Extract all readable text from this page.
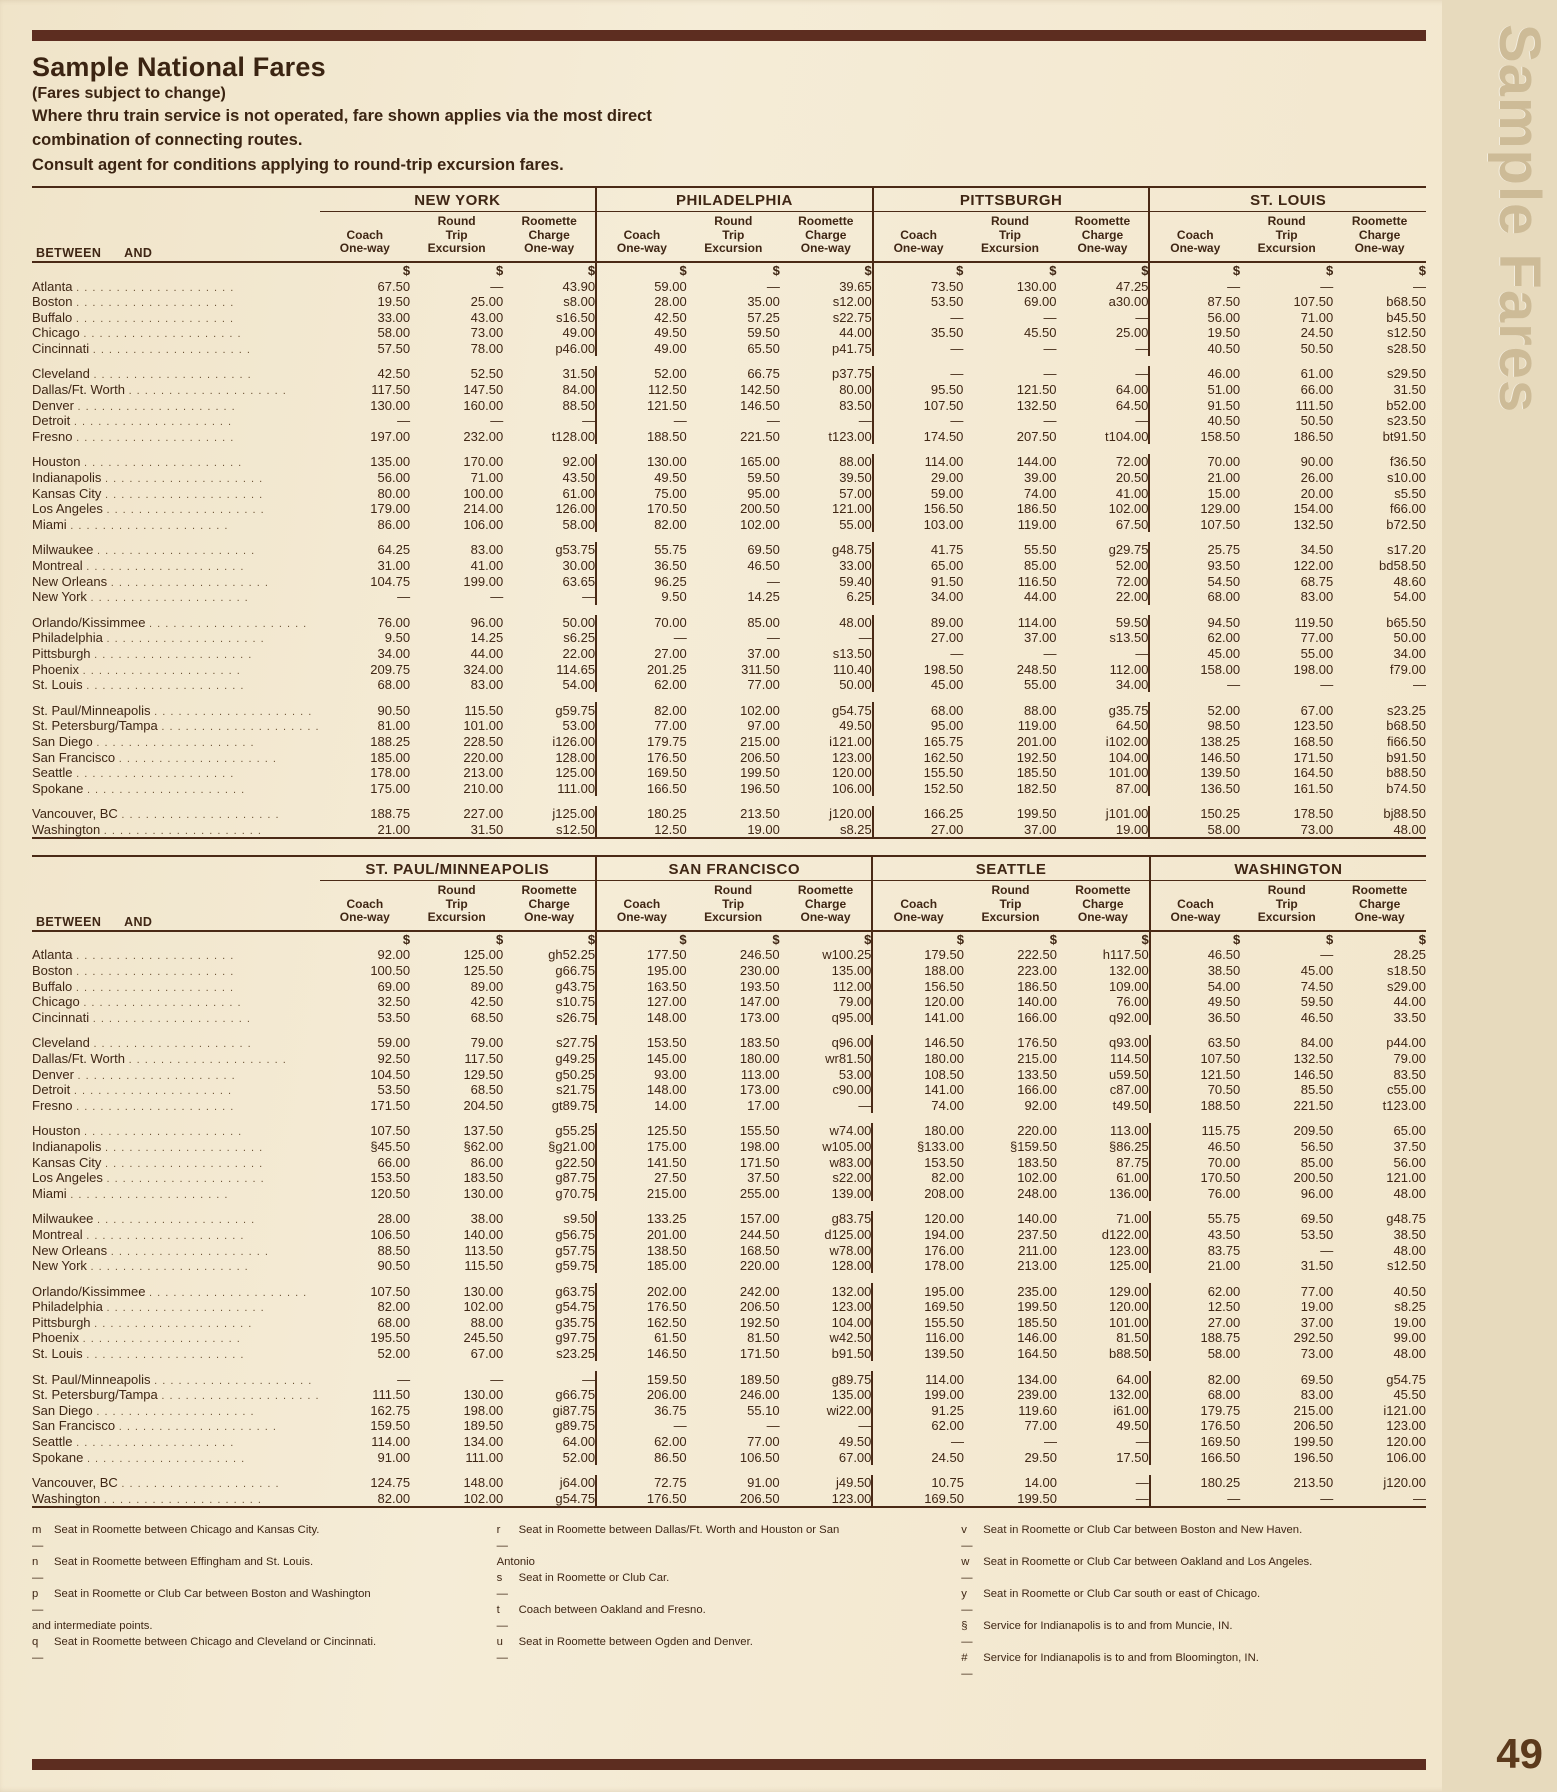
Sample Fares
49
Sample National Fares
(Fares subject to change)
Where thru train service is not operated, fare shown applies via the most direct
combination of connecting routes.
Consult agent for conditions applying to round-trip excursion fares.
BETWEEN      AND	NEW YORK			PHILADELPHIA			PITTSBURGH			ST. LOUIS		
	Coach
One-way	Round
Trip
Excursion	Roomette
Charge
One-way	Coach
One-way	Round
Trip
Excursion	Roomette
Charge
One-way	Coach
One-way	Round
Trip
Excursion	Roomette
Charge
One-way	Coach
One-way	Round
Trip
Excursion	Roomette
Charge
One-way
	$	$	$	$	$	$	$	$	$	$	$	$
Atlanta . . . . . . . . . . . . . . . . . . . .	67.50	—	43.90	59.00	—	39.65	73.50	130.00	47.25	—	—	—
Boston . . . . . . . . . . . . . . . . . . . .	19.50	25.00	s8.00	28.00	35.00	s12.00	53.50	69.00	a30.00	87.50	107.50	b68.50
Buffalo . . . . . . . . . . . . . . . . . . . .	33.00	43.00	s16.50	42.50	57.25	s22.75	—	—	—	56.00	71.00	b45.50
Chicago . . . . . . . . . . . . . . . . . . . .	58.00	73.00	49.00	49.50	59.50	44.00	35.50	45.50	25.00	19.50	24.50	s12.50
Cincinnati . . . . . . . . . . . . . . . . . . . .	57.50	78.00	p46.00	49.00	65.50	p41.75	—	—	—	40.50	50.50	s28.50

Cleveland . . . . . . . . . . . . . . . . . . . .	42.50	52.50	31.50	52.00	66.75	p37.75	—	—	—	46.00	61.00	s29.50
Dallas/Ft. Worth . . . . . . . . . . . . . . . . . . . .	117.50	147.50	84.00	112.50	142.50	80.00	95.50	121.50	64.00	51.00	66.00	31.50
Denver . . . . . . . . . . . . . . . . . . . .	130.00	160.00	88.50	121.50	146.50	83.50	107.50	132.50	64.50	91.50	111.50	b52.00
Detroit . . . . . . . . . . . . . . . . . . . .	—	—	—	—	—	—	—	—	—	40.50	50.50	s23.50
Fresno . . . . . . . . . . . . . . . . . . . .	197.00	232.00	t128.00	188.50	221.50	t123.00	174.50	207.50	t104.00	158.50	186.50	bt91.50

Houston . . . . . . . . . . . . . . . . . . . .	135.00	170.00	92.00	130.00	165.00	88.00	114.00	144.00	72.00	70.00	90.00	f36.50
Indianapolis . . . . . . . . . . . . . . . . . . . .	56.00	71.00	43.50	49.50	59.50	39.50	29.00	39.00	20.50	21.00	26.00	s10.00
Kansas City . . . . . . . . . . . . . . . . . . . .	80.00	100.00	61.00	75.00	95.00	57.00	59.00	74.00	41.00	15.00	20.00	s5.50
Los Angeles . . . . . . . . . . . . . . . . . . . .	179.00	214.00	126.00	170.50	200.50	121.00	156.50	186.50	102.00	129.00	154.00	f66.00
Miami . . . . . . . . . . . . . . . . . . . .	86.00	106.00	58.00	82.00	102.00	55.00	103.00	119.00	67.50	107.50	132.50	b72.50

Milwaukee . . . . . . . . . . . . . . . . . . . .	64.25	83.00	g53.75	55.75	69.50	g48.75	41.75	55.50	g29.75	25.75	34.50	s17.20
Montreal . . . . . . . . . . . . . . . . . . . .	31.00	41.00	30.00	36.50	46.50	33.00	65.00	85.00	52.00	93.50	122.00	bd58.50
New Orleans . . . . . . . . . . . . . . . . . . . .	104.75	199.00	63.65	96.25	—	59.40	91.50	116.50	72.00	54.50	68.75	48.60
New York . . . . . . . . . . . . . . . . . . . .	—	—	—	9.50	14.25	6.25	34.00	44.00	22.00	68.00	83.00	54.00

Orlando/Kissimmee . . . . . . . . . . . . . . . . . . . .	76.00	96.00	50.00	70.00	85.00	48.00	89.00	114.00	59.50	94.50	119.50	b65.50
Philadelphia . . . . . . . . . . . . . . . . . . . .	9.50	14.25	s6.25	—	—	—	27.00	37.00	s13.50	62.00	77.00	50.00
Pittsburgh . . . . . . . . . . . . . . . . . . . .	34.00	44.00	22.00	27.00	37.00	s13.50	—	—	—	45.00	55.00	34.00
Phoenix . . . . . . . . . . . . . . . . . . . .	209.75	324.00	114.65	201.25	311.50	110.40	198.50	248.50	112.00	158.00	198.00	f79.00
St. Louis . . . . . . . . . . . . . . . . . . . .	68.00	83.00	54.00	62.00	77.00	50.00	45.00	55.00	34.00	—	—	—

St. Paul/Minneapolis . . . . . . . . . . . . . . . . . . . .	90.50	115.50	g59.75	82.00	102.00	g54.75	68.00	88.00	g35.75	52.00	67.00	s23.25
St. Petersburg/Tampa . . . . . . . . . . . . . . . . . . . .	81.00	101.00	53.00	77.00	97.00	49.50	95.00	119.00	64.50	98.50	123.50	b68.50
San Diego . . . . . . . . . . . . . . . . . . . .	188.25	228.50	i126.00	179.75	215.00	i121.00	165.75	201.00	i102.00	138.25	168.50	fi66.50
San Francisco . . . . . . . . . . . . . . . . . . . .	185.00	220.00	128.00	176.50	206.50	123.00	162.50	192.50	104.00	146.50	171.50	b91.50
Seattle . . . . . . . . . . . . . . . . . . . .	178.00	213.00	125.00	169.50	199.50	120.00	155.50	185.50	101.00	139.50	164.50	b88.50
Spokane . . . . . . . . . . . . . . . . . . . .	175.00	210.00	111.00	166.50	196.50	106.00	152.50	182.50	87.00	136.50	161.50	b74.50

Vancouver, BC . . . . . . . . . . . . . . . . . . . .	188.75	227.00	j125.00	180.25	213.50	j120.00	166.25	199.50	j101.00	150.25	178.50	bj88.50
Washington . . . . . . . . . . . . . . . . . . . .	21.00	31.50	s12.50	12.50	19.00	s8.25	27.00	37.00	19.00	58.00	73.00	48.00
BETWEEN      AND	ST. PAUL/MINNEAPOLIS			SAN FRANCISCO			SEATTLE			WASHINGTON		
	Coach
One-way	Round
Trip
Excursion	Roomette
Charge
One-way	Coach
One-way	Round
Trip
Excursion	Roomette
Charge
One-way	Coach
One-way	Round
Trip
Excursion	Roomette
Charge
One-way	Coach
One-way	Round
Trip
Excursion	Roomette
Charge
One-way
	$	$	$	$	$	$	$	$	$	$	$	$
Atlanta . . . . . . . . . . . . . . . . . . . .	92.00	125.00	gh52.25	177.50	246.50	w100.25	179.50	222.50	h117.50	46.50	—	28.25
Boston . . . . . . . . . . . . . . . . . . . .	100.50	125.50	g66.75	195.00	230.00	135.00	188.00	223.00	132.00	38.50	45.00	s18.50
Buffalo . . . . . . . . . . . . . . . . . . . .	69.00	89.00	g43.75	163.50	193.50	112.00	156.50	186.50	109.00	54.00	74.50	s29.00
Chicago . . . . . . . . . . . . . . . . . . . .	32.50	42.50	s10.75	127.00	147.00	79.00	120.00	140.00	76.00	49.50	59.50	44.00
Cincinnati . . . . . . . . . . . . . . . . . . . .	53.50	68.50	s26.75	148.00	173.00	q95.00	141.00	166.00	q92.00	36.50	46.50	33.50

Cleveland . . . . . . . . . . . . . . . . . . . .	59.00	79.00	s27.75	153.50	183.50	q96.00	146.50	176.50	q93.00	63.50	84.00	p44.00
Dallas/Ft. Worth . . . . . . . . . . . . . . . . . . . .	92.50	117.50	g49.25	145.00	180.00	wr81.50	180.00	215.00	114.50	107.50	132.50	79.00
Denver . . . . . . . . . . . . . . . . . . . .	104.50	129.50	g50.25	93.00	113.00	53.00	108.50	133.50	u59.50	121.50	146.50	83.50
Detroit . . . . . . . . . . . . . . . . . . . .	53.50	68.50	s21.75	148.00	173.00	c90.00	141.00	166.00	c87.00	70.50	85.50	c55.00
Fresno . . . . . . . . . . . . . . . . . . . .	171.50	204.50	gt89.75	14.00	17.00	—	74.00	92.00	t49.50	188.50	221.50	t123.00

Houston . . . . . . . . . . . . . . . . . . . .	107.50	137.50	g55.25	125.50	155.50	w74.00	180.00	220.00	113.00	115.75	209.50	65.00
Indianapolis . . . . . . . . . . . . . . . . . . . .	§45.50	§62.00	§g21.00	175.00	198.00	w105.00	§133.00	§159.50	§86.25	46.50	56.50	37.50
Kansas City . . . . . . . . . . . . . . . . . . . .	66.00	86.00	g22.50	141.50	171.50	w83.00	153.50	183.50	87.75	70.00	85.00	56.00
Los Angeles . . . . . . . . . . . . . . . . . . . .	153.50	183.50	g87.75	27.50	37.50	s22.00	82.00	102.00	61.00	170.50	200.50	121.00
Miami . . . . . . . . . . . . . . . . . . . .	120.50	130.00	g70.75	215.00	255.00	139.00	208.00	248.00	136.00	76.00	96.00	48.00

Milwaukee . . . . . . . . . . . . . . . . . . . .	28.00	38.00	s9.50	133.25	157.00	g83.75	120.00	140.00	71.00	55.75	69.50	g48.75
Montreal . . . . . . . . . . . . . . . . . . . .	106.50	140.00	g56.75	201.00	244.50	d125.00	194.00	237.50	d122.00	43.50	53.50	38.50
New Orleans . . . . . . . . . . . . . . . . . . . .	88.50	113.50	g57.75	138.50	168.50	w78.00	176.00	211.00	123.00	83.75	—	48.00
New York . . . . . . . . . . . . . . . . . . . .	90.50	115.50	g59.75	185.00	220.00	128.00	178.00	213.00	125.00	21.00	31.50	s12.50

Orlando/Kissimmee . . . . . . . . . . . . . . . . . . . .	107.50	130.00	g63.75	202.00	242.00	132.00	195.00	235.00	129.00	62.00	77.00	40.50
Philadelphia . . . . . . . . . . . . . . . . . . . .	82.00	102.00	g54.75	176.50	206.50	123.00	169.50	199.50	120.00	12.50	19.00	s8.25
Pittsburgh . . . . . . . . . . . . . . . . . . . .	68.00	88.00	g35.75	162.50	192.50	104.00	155.50	185.50	101.00	27.00	37.00	19.00
Phoenix . . . . . . . . . . . . . . . . . . . .	195.50	245.50	g97.75	61.50	81.50	w42.50	116.00	146.00	81.50	188.75	292.50	99.00
St. Louis . . . . . . . . . . . . . . . . . . . .	52.00	67.00	s23.25	146.50	171.50	b91.50	139.50	164.50	b88.50	58.00	73.00	48.00

St. Paul/Minneapolis . . . . . . . . . . . . . . . . . . . .	—	—	—	159.50	189.50	g89.75	114.00	134.00	64.00	82.00	69.50	g54.75
St. Petersburg/Tampa . . . . . . . . . . . . . . . . . . . .	111.50	130.00	g66.75	206.00	246.00	135.00	199.00	239.00	132.00	68.00	83.00	45.50
San Diego . . . . . . . . . . . . . . . . . . . .	162.75	198.00	gi87.75	36.75	55.10	wi22.00	91.25	119.60	i61.00	179.75	215.00	i121.00
San Francisco . . . . . . . . . . . . . . . . . . . .	159.50	189.50	g89.75	—	—	—	62.00	77.00	49.50	176.50	206.50	123.00
Seattle . . . . . . . . . . . . . . . . . . . .	114.00	134.00	64.00	62.00	77.00	49.50	—	—	—	169.50	199.50	120.00
Spokane . . . . . . . . . . . . . . . . . . . .	91.00	111.00	52.00	86.50	106.50	67.00	24.50	29.50	17.50	166.50	196.50	106.00

Vancouver, BC . . . . . . . . . . . . . . . . . . . .	124.75	148.00	j64.00	72.75	91.00	j49.50	10.75	14.00	—	180.25	213.50	j120.00
Washington . . . . . . . . . . . . . . . . . . . .	82.00	102.00	g54.75	176.50	206.50	123.00	169.50	199.50	—	—	—	—
m —
Seat in Roomette between Chicago and Kansas City.
n —
Seat in Roomette between Effingham and St. Louis.
p —
Seat in Roomette or Club Car between Boston and Washington
and intermediate points.
q —
Seat in Roomette between Chicago and Cleveland or Cincinnati.
r —
Seat in Roomette between Dallas/Ft. Worth and Houston or San
Antonio
s —
Seat in Roomette or Club Car.
t —
Coach between Oakland and Fresno.
u —
Seat in Roomette between Ogden and Denver.
v —
Seat in Roomette or Club Car between Boston and New Haven.
w —
Seat in Roomette or Club Car between Oakland and Los Angeles.
y —
Seat in Roomette or Club Car south or east of Chicago.
§ —
Service for Indianapolis is to and from Muncie, IN.
# —
Service for Indianapolis is to and from Bloomington, IN.
